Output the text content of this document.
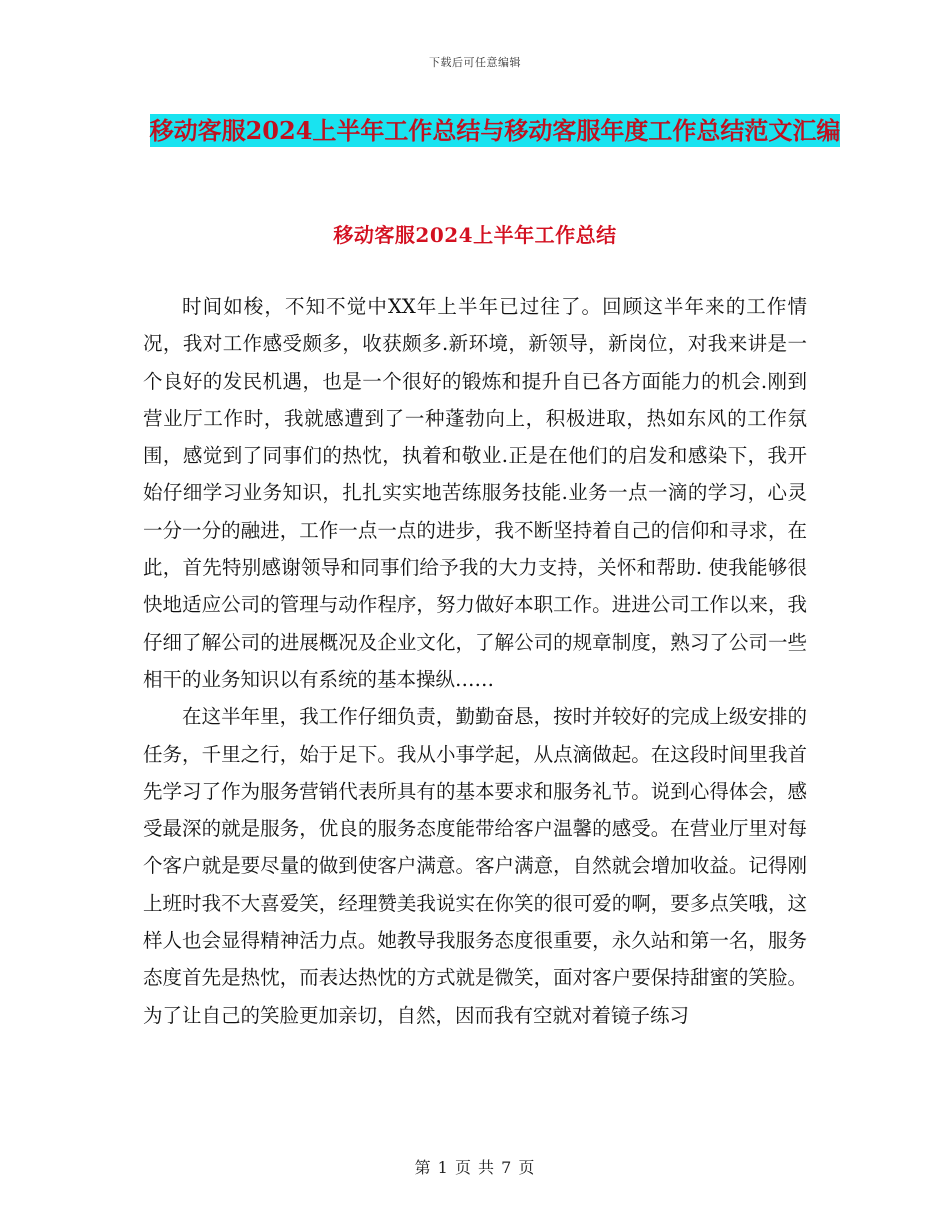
下载后可任意编辑
移动客服2024上半年工作总结与移动客服年度工作总结范文汇编
移动客服2024上半年工作总结

时间如梭，不知不觉中XX年上半年已过往了。回顾这半年来的工作情况，我对工作感受颇多，收获颇多.新环境，新领导，新岗位，对我来讲是一个良好的发民机遇，也是一个很好的锻炼和提升自已各方面能力的机会.刚到营业厅工作时，我就感遭到了一种蓬勃向上，积极进取，热如东风的工作氛围，感觉到了同事们的热忱，执着和敬业.正是在他们的启发和感染下，我开始仔细学习业务知识，扎扎实实地苦练服务技能.业务一点一滴的学习，心灵一分一分的融进，工作一点一点的进步，我不断坚持着自己的信仰和寻求，在此，首先特别感谢领导和同事们给予我的大力支持，关怀和帮助. 使我能够很快地适应公司的管理与动作程序，努力做好本职工作。进进公司工作以来，我仔细了解公司的进展概况及企业文化，了解公司的规章制度，熟习了公司一些相干的业务知识以有系统的基本操纵……

在这半年里，我工作仔细负责，勤勤奋恳，按时并较好的完成上级安排的任务，千里之行，始于足下。我从小事学起，从点滴做起。在这段时间里我首先学习了作为服务营销代表所具有的基本要求和服务礼节。说到心得体会，感受最深的就是服务，优良的服务态度能带给客户温馨的感受。在营业厅里对每个客户就是要尽量的做到使客户满意。客户满意，自然就会增加收益。记得刚上班时我不大喜爱笑，经理赞美我说实在你笑的很可爱的啊，要多点笑哦，这样人也会显得精神活力点。她教导我服务态度很重要，永久站和第一名，服务态度首先是热忱，而表达热忱的方式就是微笑，面对客户要保持甜蜜的笑脸。为了让自己的笑脸更加亲切，自然，因而我有空就对着镜子练习

第 1 页 共 7 页
